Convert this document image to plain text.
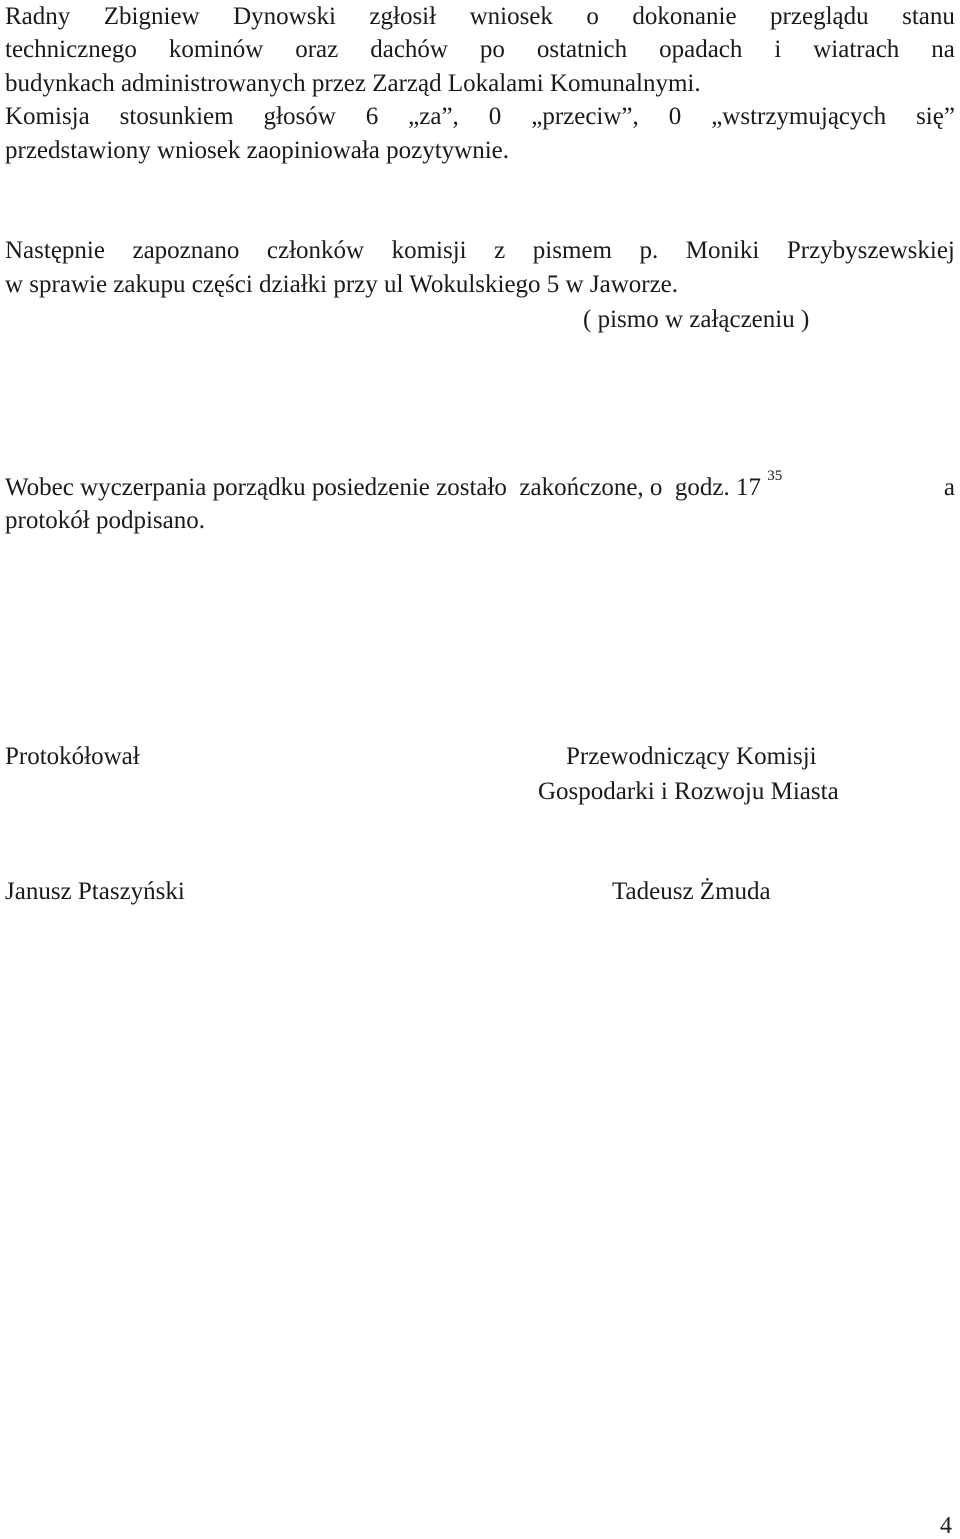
Radny Zbigniew Dynowski zgłosił wniosek o dokonanie przeglądu stanu
technicznego kominów oraz dachów po ostatnich opadach i wiatrach na
budynkach administrowanych przez Zarząd Lokalami Komunalnymi.
Komisja stosunkiem głosów 6 „za”, 0 „przeciw”, 0 „wstrzymujących się”
przedstawiony wniosek zaopiniowała pozytywnie.
Następnie zapoznano członków komisji z pismem p. Moniki Przybyszewskiej
w sprawie zakupu części działki przy ul Wokulskiego 5 w Jaworze.
( pismo w załączeniu )
Wobec wyczerpania porządku posiedzenie zostało  zakończone, o  godz. 17 $^{35}$	a
protokół podpisano.
Protokółował	Przewodniczący Komisji
Gospodarki i Rozwoju Miasta
Janusz Ptaszyński	Tadeusz Żmuda
4
